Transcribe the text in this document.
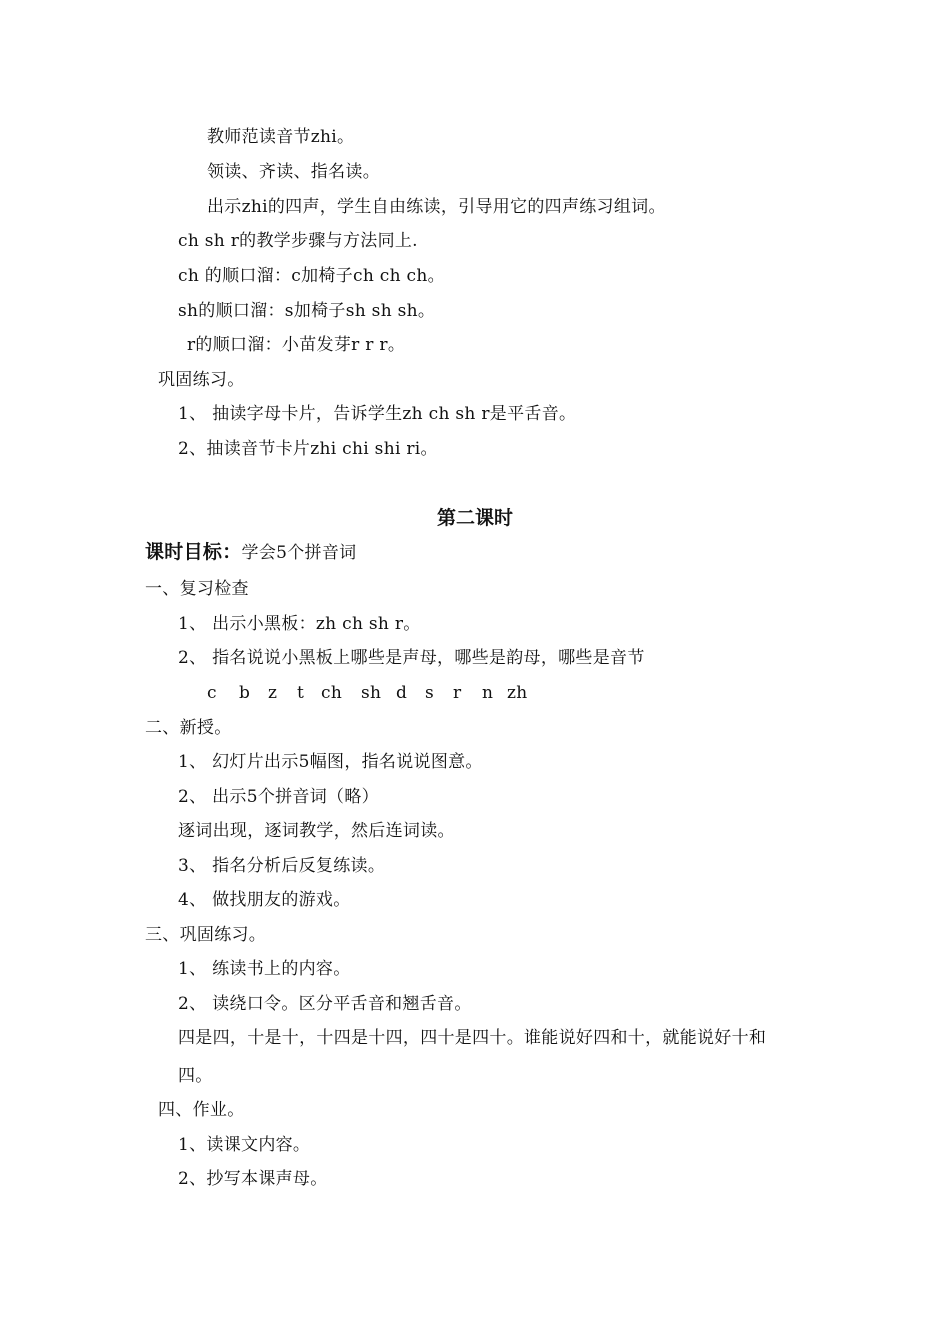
教师范读音节zhi。
领读、齐读、指名读。
出示zhi的四声，学生自由练读，引导用它的四声练习组词。
ch sh r的教学步骤与方法同上.
ch 的顺口溜：c加椅子ch ch ch。
sh的顺口溜：s加椅子sh sh sh。
r的顺口溜：小苗发芽r r r。
巩固练习。
1、 抽读字母卡片，告诉学生zh ch sh r是平舌音。
2、抽读音节卡片zhi chi shi ri。
第二课时
课时目标：学会5个拼音词
一、复习检查
1、 出示小黑板：zh ch sh r。
2、 指名说说小黑板上哪些是声母，哪些是韵母，哪些是音节
c b z t ch sh d s r n zh
二、新授。
1、 幻灯片出示5幅图，指名说说图意。
2、 出示5个拼音词（略）
逐词出现，逐词教学，然后连词读。
3、 指名分析后反复练读。
4、 做找朋友的游戏。
三、巩固练习。
1、 练读书上的内容。
2、 读绕口令。区分平舌音和翘舌音。
四是四，十是十，十四是十四，四十是四十。谁能说好四和十，就能说好十和
四。
四、作业。
1、读课文内容。
2、抄写本课声母。
